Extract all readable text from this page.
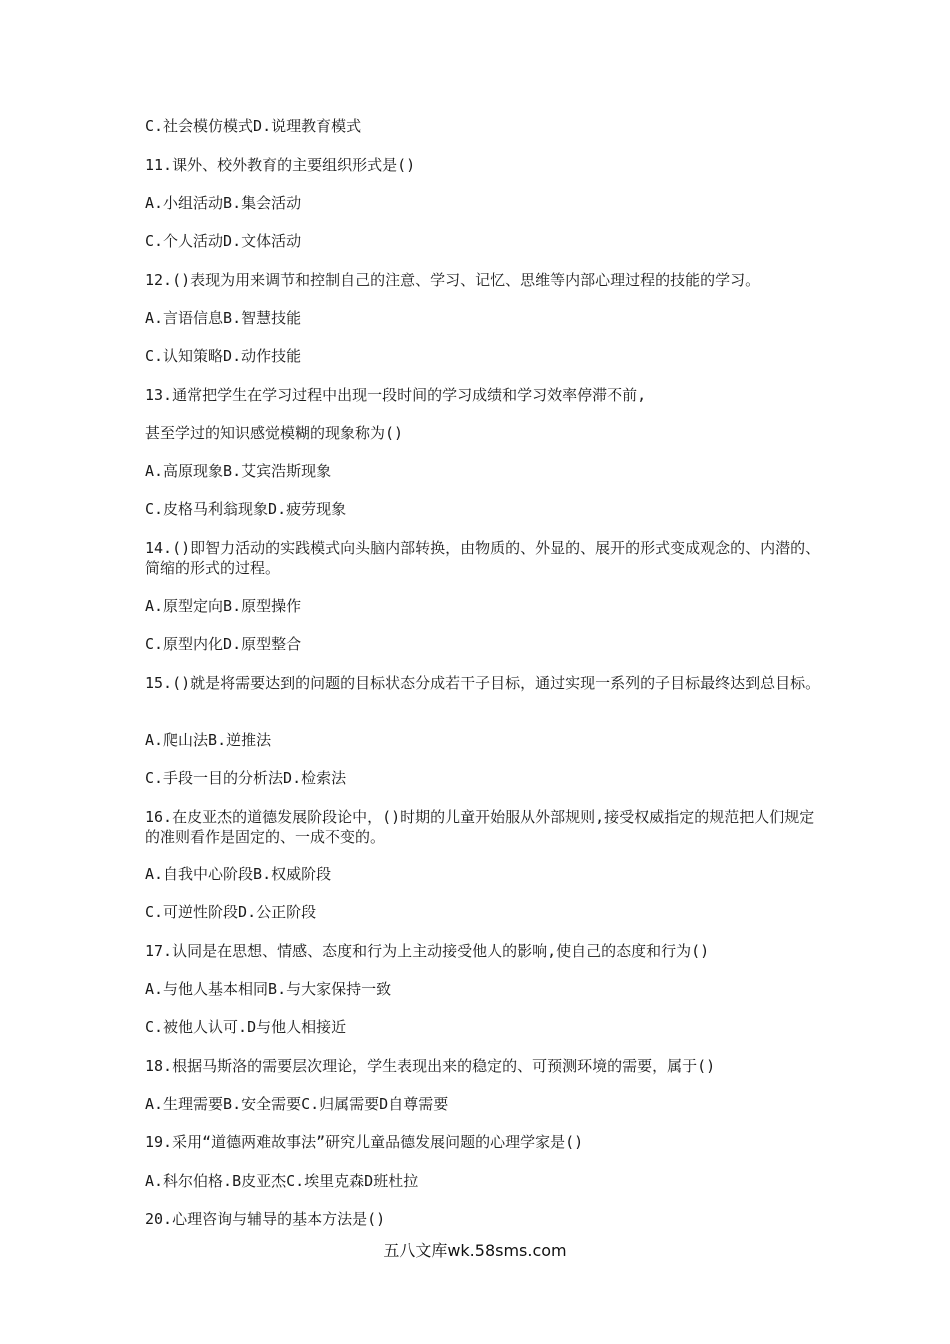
C.社会模仿模式D.说理教育模式

11.课外、校外教育的主要组织形式是()

A.小组活动B.集会活动

C.个人活动D.文体活动

12.()表现为用来调节和控制自己的注意、学习、记忆、思维等内部心理过程的技能的学习。

A.言语信息B.智慧技能

C.认知策略D.动作技能

13.通常把学生在学习过程中出现一段时间的学习成绩和学习效率停滞不前,

甚至学过的知识感觉模糊的现象称为()

A.高原现象B.艾宾浩斯现象

C.皮格马利翁现象D.疲劳现象

14.()即智力活动的实践模式向头脑内部转换，由物质的、外显的、展开的形式变成观念的、内潜的、简缩的形式的过程。

A.原型定向B.原型操作

C.原型内化D.原型整合

15.()就是将需要达到的问题的目标状态分成若干子目标，通过实现一系列的子目标最终达到总目标。

A.爬山法B.逆推法

C.手段一目的分析法D.检索法

16.在皮亚杰的道德发展阶段论中，()时期的儿童开始服从外部规则,接受权威指定的规范把人们规定的准则看作是固定的、一成不变的。

A.自我中心阶段B.权威阶段

C.可逆性阶段D.公正阶段

17.认同是在思想、情感、态度和行为上主动接受他人的影响,使自己的态度和行为()

A.与他人基本相同B.与大家保持一致

C.被他人认可.D与他人相接近

18.根据马斯洛的需要层次理论，学生表现出来的稳定的、可预测环境的需要，属于()

A.生理需要B.安全需要C.归属需要D自尊需要

19.采用“道德两难故事法”研究儿童品德发展问题的心理学家是()

A.科尔伯格.B皮亚杰C.埃里克森D班杜拉

20.心理咨询与辅导的基本方法是()

五八文库wk.58sms.com
